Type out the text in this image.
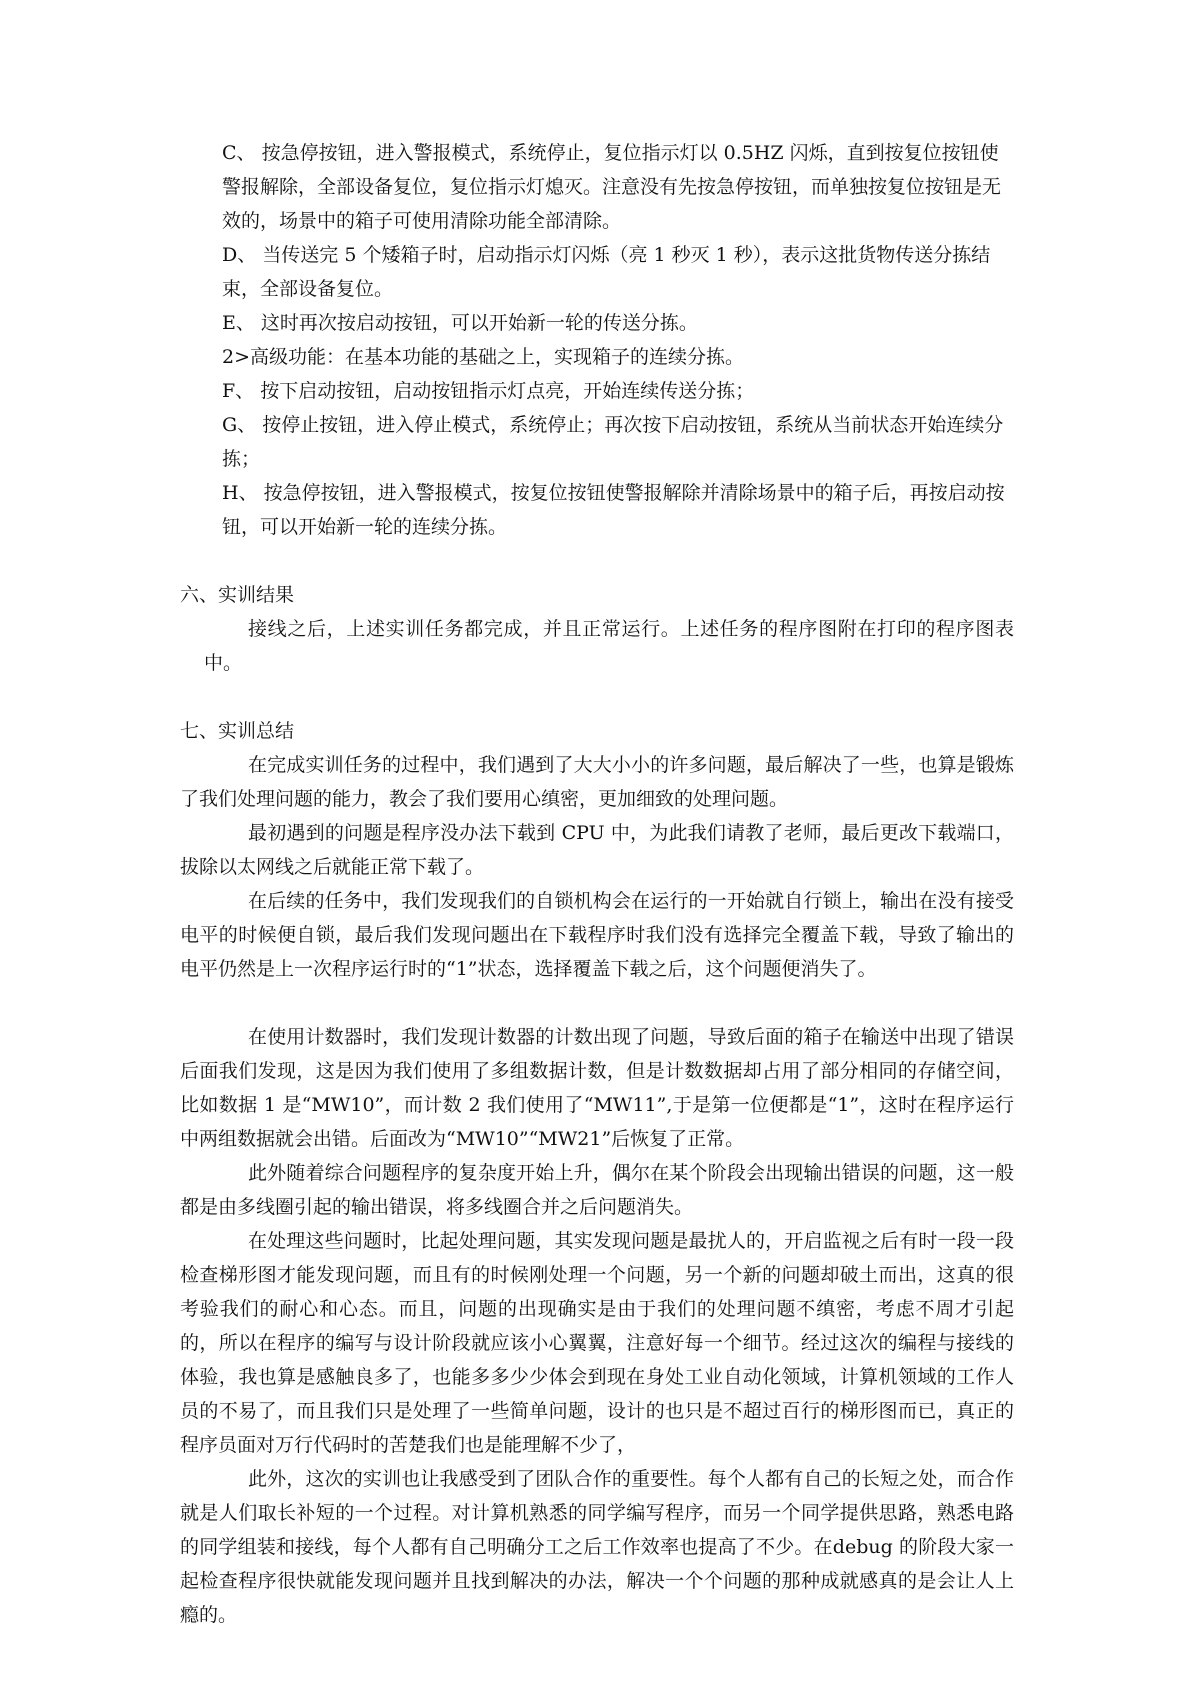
C、 按急停按钮，进入警报模式，系统停止，复位指示灯以 0.5HZ 闪烁，直到按复位按钮使警报解除，全部设备复位，复位指示灯熄灭。注意没有先按急停按钮，而单独按复位按钮是无效的，场景中的箱子可使用清除功能全部清除。

D、 当传送完 5 个矮箱子时，启动指示灯闪烁（亮 1 秒灭 1 秒），表示这批货物传送分拣结束，全部设备复位。

E、 这时再次按启动按钮，可以开始新一轮的传送分拣。

2>高级功能：在基本功能的基础之上，实现箱子的连续分拣。

F、 按下启动按钮，启动按钮指示灯点亮，开始连续传送分拣；

G、 按停止按钮，进入停止模式，系统停止；再次按下启动按钮，系统从当前状态开始连续分拣；

H、 按急停按钮，进入警报模式，按复位按钮使警报解除并清除场景中的箱子后，再按启动按钮，可以开始新一轮的连续分拣。

六、实训结果

接线之后，上述实训任务都完成，并且正常运行。上述任务的程序图附在打印的程序图表中。

七、实训总结

在完成实训任务的过程中，我们遇到了大大小小的许多问题，最后解决了一些，也算是锻炼了我们处理问题的能力，教会了我们要用心缜密，更加细致的处理问题。

最初遇到的问题是程序没办法下载到 CPU 中，为此我们请教了老师，最后更改下载端口，拔除以太网线之后就能正常下载了。

在后续的任务中，我们发现我们的自锁机构会在运行的一开始就自行锁上，输出在没有接受电平的时候便自锁，最后我们发现问题出在下载程序时我们没有选择完全覆盖下载，导致了输出的电平仍然是上一次程序运行时的“1”状态，选择覆盖下载之后，这个问题便消失了。

在使用计数器时，我们发现计数器的计数出现了问题，导致后面的箱子在输送中出现了错误后面我们发现，这是因为我们使用了多组数据计数，但是计数数据却占用了部分相同的存储空间，比如数据 1 是“MW10”，而计数 2 我们使用了“MW11”,于是第一位便都是“1”，这时在程序运行中两组数据就会出错。后面改为“MW10”“MW21”后恢复了正常。

此外随着综合问题程序的复杂度开始上升，偶尔在某个阶段会出现输出错误的问题，这一般都是由多线圈引起的输出错误，将多线圈合并之后问题消失。

在处理这些问题时，比起处理问题，其实发现问题是最扰人的，开启监视之后有时一段一段检查梯形图才能发现问题，而且有的时候刚处理一个问题，另一个新的问题却破土而出，这真的很考验我们的耐心和心态。而且，问题的出现确实是由于我们的处理问题不缜密，考虑不周才引起的，所以在程序的编写与设计阶段就应该小心翼翼，注意好每一个细节。经过这次的编程与接线的体验，我也算是感触良多了，也能多多少少体会到现在身处工业自动化领域，计算机领域的工作人员的不易了，而且我们只是处理了一些简单问题，设计的也只是不超过百行的梯形图而已，真正的程序员面对万行代码时的苦楚我们也是能理解不少了，

此外，这次的实训也让我感受到了团队合作的重要性。每个人都有自己的长短之处，而合作就是人们取长补短的一个过程。对计算机熟悉的同学编写程序，而另一个同学提供思路，熟悉电路的同学组装和接线，每个人都有自己明确分工之后工作效率也提高了不少。在debug 的阶段大家一起检查程序很快就能发现问题并且找到解决的办法，解决一个个问题的那种成就感真的是会让人上瘾的。
